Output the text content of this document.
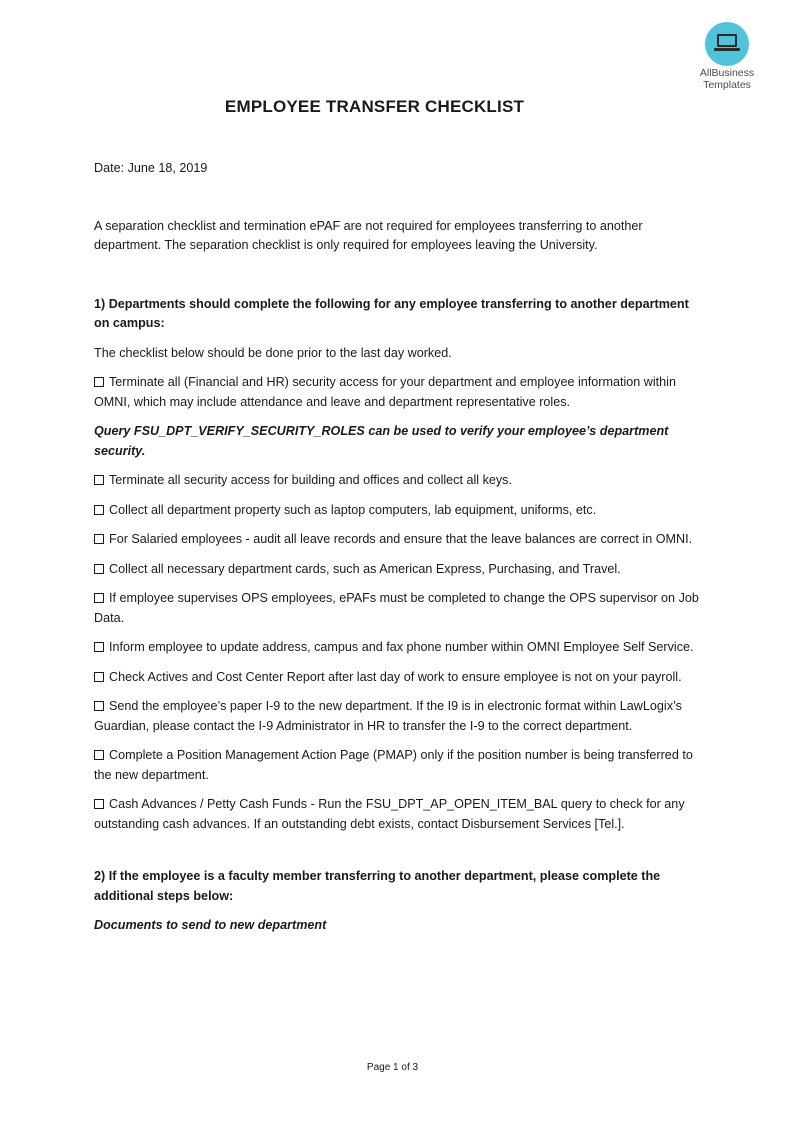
AllBusiness
Templates
EMPLOYEE TRANSFER CHECKLIST

Date: June 18, 2019

A separation checklist and termination ePAF are not required for employees transferring to another department. The separation checklist is only required for employees leaving the University.

1) Departments should complete the following for any employee transferring to another department on campus:

The checklist below should be done prior to the last day worked.

Terminate all (Financial and HR) security access for your department and employee information within OMNI, which may include attendance and leave and department representative roles.

Query FSU_DPT_VERIFY_SECURITY_ROLES can be used to verify your employee’s department security.

Terminate all security access for building and offices and collect all keys.

Collect all department property such as laptop computers, lab equipment, uniforms, etc.

For Salaried employees - audit all leave records and ensure that the leave balances are correct in OMNI.

Collect all necessary department cards, such as American Express, Purchasing, and Travel.

If employee supervises OPS employees, ePAFs must be completed to change the OPS supervisor on Job Data.

Inform employee to update address, campus and fax phone number within OMNI Employee Self Service.

Check Actives and Cost Center Report after last day of work to ensure employee is not on your payroll.

Send the employee’s paper I-9 to the new department. If the I9 is in electronic format within LawLogix’s Guardian, please contact the I-9 Administrator in HR to transfer the I-9 to the correct department.

Complete a Position Management Action Page (PMAP) only if the position number is being transferred to the new department.

Cash Advances / Petty Cash Funds - Run the FSU_DPT_AP_OPEN_ITEM_BAL query to check for any outstanding cash advances. If an outstanding debt exists, contact Disbursement Services [Tel.].

2) If the employee is a faculty member transferring to another department, please complete the additional steps below:

Documents to send to new department

Page 1 of 3
